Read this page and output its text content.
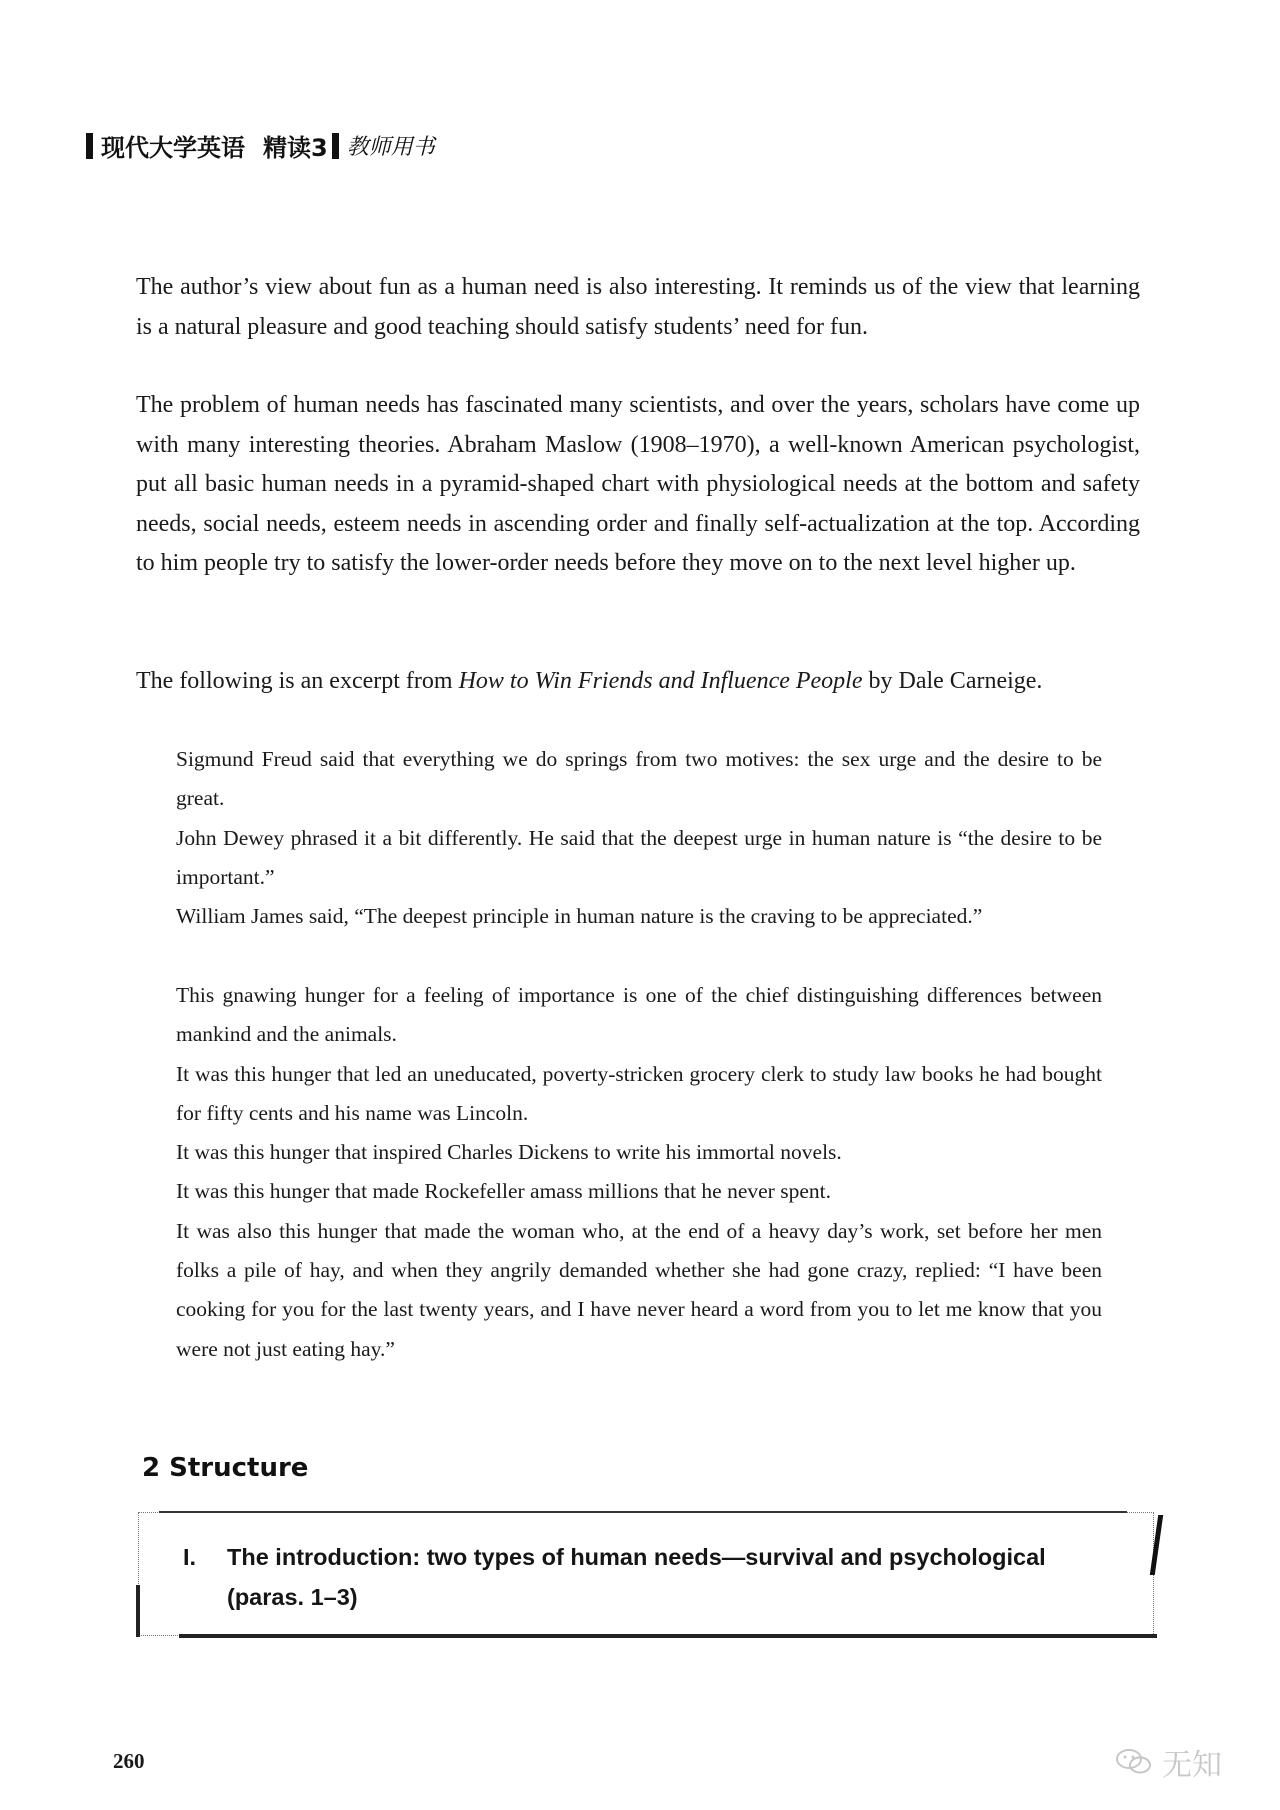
现代大学英语 精读3 教师用书

The author’s view about fun as a human need is also interesting. It reminds us of the view that learning is a natural pleasure and good teaching should satisfy students’ need for fun.

The problem of human needs has fascinated many scientists, and over the years, scholars have come up with many interesting theories. Abraham Maslow (1908–1970), a well-known American psychologist, put all basic human needs in a pyramid-shaped chart with physiological needs at the bottom and safety needs, social needs, esteem needs in ascending order and finally self-actualization at the top. According to him people try to satisfy the lower-order needs before they move on to the next level higher up.

The following is an excerpt from How to Win Friends and Influence People by Dale Carneige.

Sigmund Freud said that everything we do springs from two motives: the sex urge and the desire to be great.
John Dewey phrased it a bit differently. He said that the deepest urge in human nature is “the desire to be important.”
William James said, “The deepest principle in human nature is the craving to be appreciated.”
This gnawing hunger for a feeling of importance is one of the chief distinguishing differences between mankind and the animals.
It was this hunger that led an uneducated, poverty-stricken grocery clerk to study law books he had bought for fifty cents and his name was Lincoln.
It was this hunger that inspired Charles Dickens to write his immortal novels.
It was this hunger that made Rockefeller amass millions that he never spent.
It was also this hunger that made the woman who, at the end of a heavy day’s work, set before her men folks a pile of hay, and when they angrily demanded whether she had gone crazy, replied: “I have been cooking for you for the last twenty years, and I have never heard a word from you to let me know that you were not just eating hay.”
2 Structure
I.	The introduction: two types of human needs—survival and psychological (paras. 1–3)
260	无知
